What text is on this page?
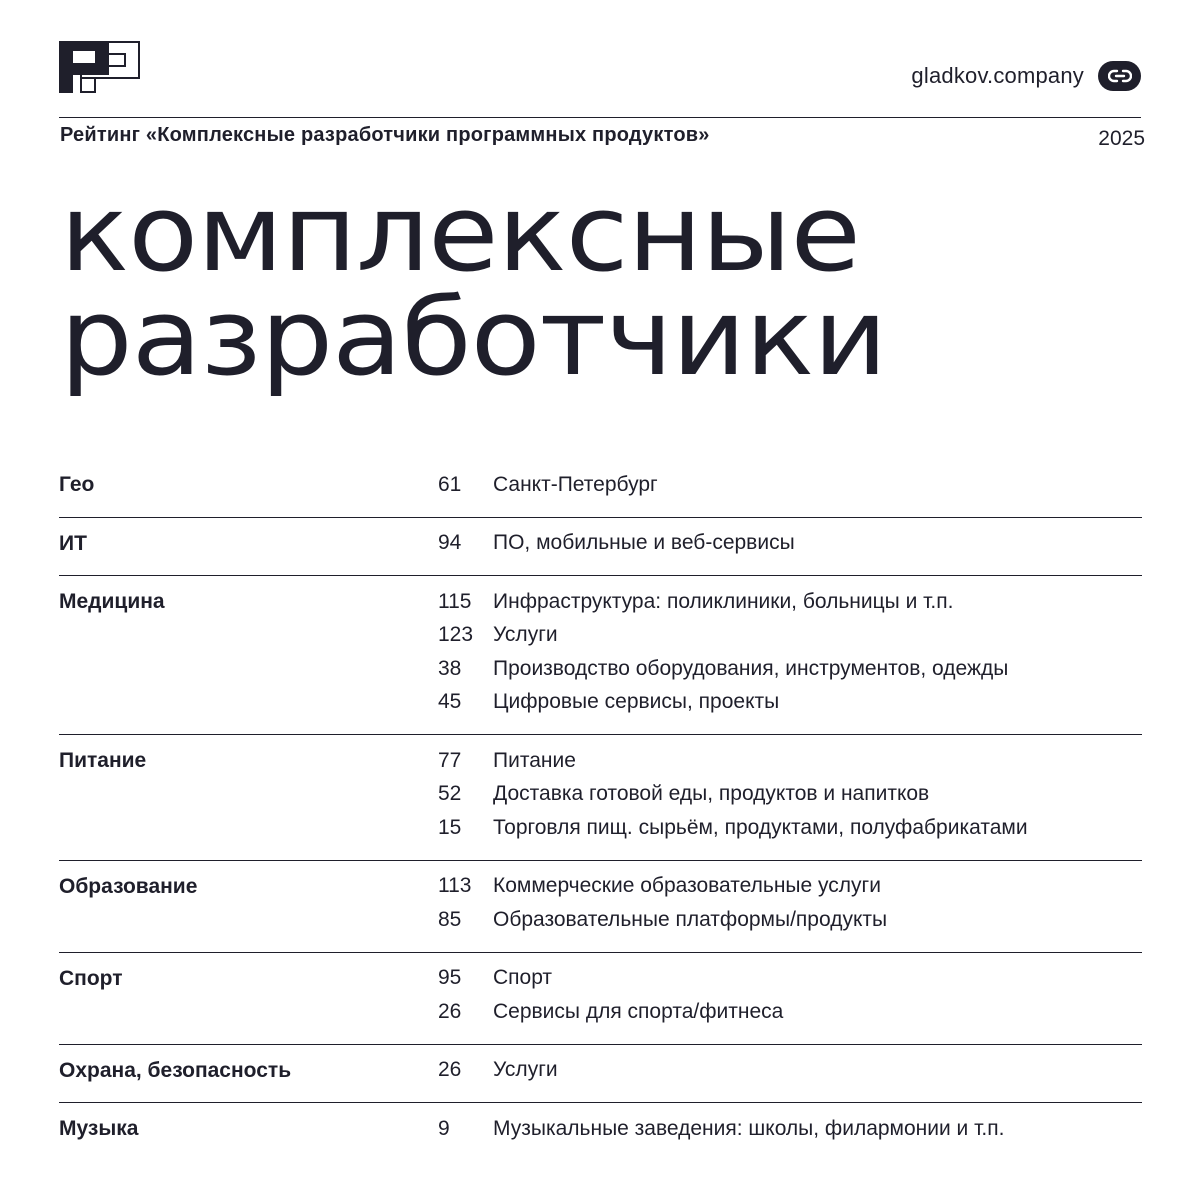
gladkov.company
Рейтинг «Комплексные разработчики программных продуктов»	2025
комплексные
разработчики
Гео	61	Санкт-Петербург
ИТ	94	ПО, мобильные и веб-сервисы
Медицина	115	Инфраструктура: поликлиники, больницы и т.п.
123 Услуги
38	Производство оборудования, инструментов, одежды
45	Цифровые сервисы, проекты
Питание	77	Питание
52	Доставка готовой еды, продуктов и напитков
15	Торговля пищ. сырьём, продуктами, полуфабрикатами
Образование	113	Коммерческие образовательные услуги
85	Образовательные платформы/продукты
Спорт	95	Спорт
26	Сервисы для спорта/фитнеса
Охрана, безопасность	26	Услуги
Музыка	9	Музыкальные заведения: школы, филармонии и т.п.
